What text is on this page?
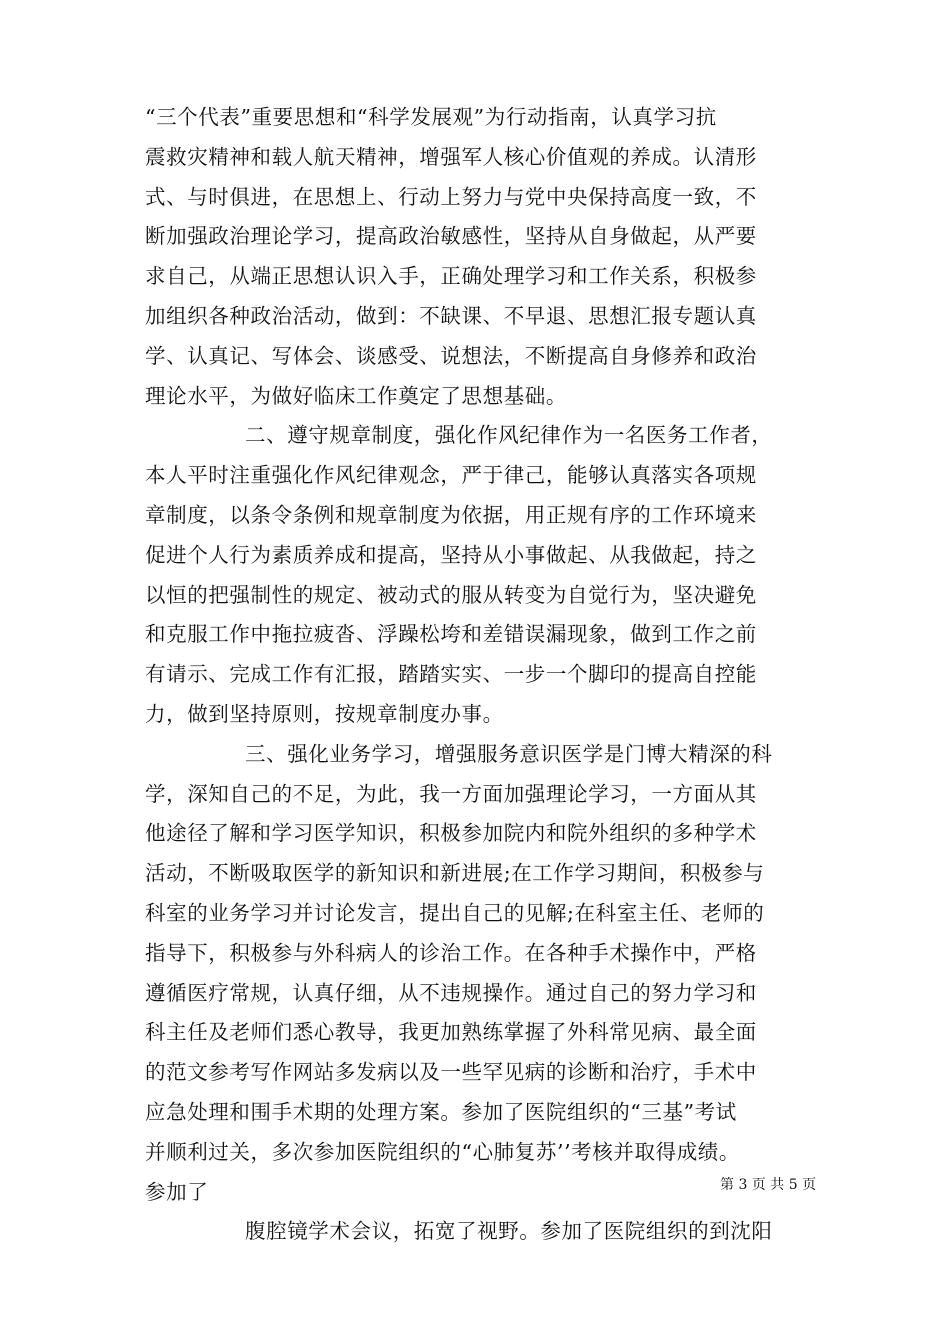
“三个代表”重要思想和“科学发展观”为行动指南，认真学习抗
震救灾精神和载人航天精神，增强军人核心价值观的养成。认清形
式、与时俱进，在思想上、行动上努力与党中央保持高度一致，不
断加强政治理论学习，提高政治敏感性，坚持从自身做起，从严要
求自己，从端正思想认识入手，正确处理学习和工作关系，积极参
加组织各种政治活动，做到：不缺课、不早退、思想汇报专题认真
学、认真记、写体会、谈感受、说想法，不断提高自身修养和政治
理论水平，为做好临床工作奠定了思想基础。
二、遵守规章制度，强化作风纪律作为一名医务工作者，
本人平时注重强化作风纪律观念，严于律己，能够认真落实各项规
章制度，以条令条例和规章制度为依据，用正规有序的工作环境来
促进个人行为素质养成和提高，坚持从小事做起、从我做起，持之
以恒的把强制性的规定、被动式的服从转变为自觉行为，坚决避免
和克服工作中拖拉疲沓、浮躁松垮和差错误漏现象，做到工作之前
有请示、完成工作有汇报，踏踏实实、一步一个脚印的提高自控能
力，做到坚持原则，按规章制度办事。
三、强化业务学习，增强服务意识医学是门博大精深的科
学，深知自己的不足，为此，我一方面加强理论学习，一方面从其
他途径了解和学习医学知识，积极参加院内和院外组织的多种学术
活动，不断吸取医学的新知识和新进展;在工作学习期间，积极参与
科室的业务学习并讨论发言，提出自己的见解;在科室主任、老师的
指导下，积极参与外科病人的诊治工作。在各种手术操作中，严格
遵循医疗常规，认真仔细，从不违规操作。通过自己的努力学习和
科主任及老师们悉心教导，我更加熟练掌握了外科常见病、最全面
的范文参考写作网站多发病以及一些罕见病的诊断和治疗，手术中
应急处理和围手术期的处理方案。参加了医院组织的“三基”考试
并顺利过关，多次参加医院组织的“心肺复苏’’考核并取得成绩。
参加了
腹腔镜学术会议，拓宽了视野。参加了医院组织的到沈阳
第 3 页 共 5 页
